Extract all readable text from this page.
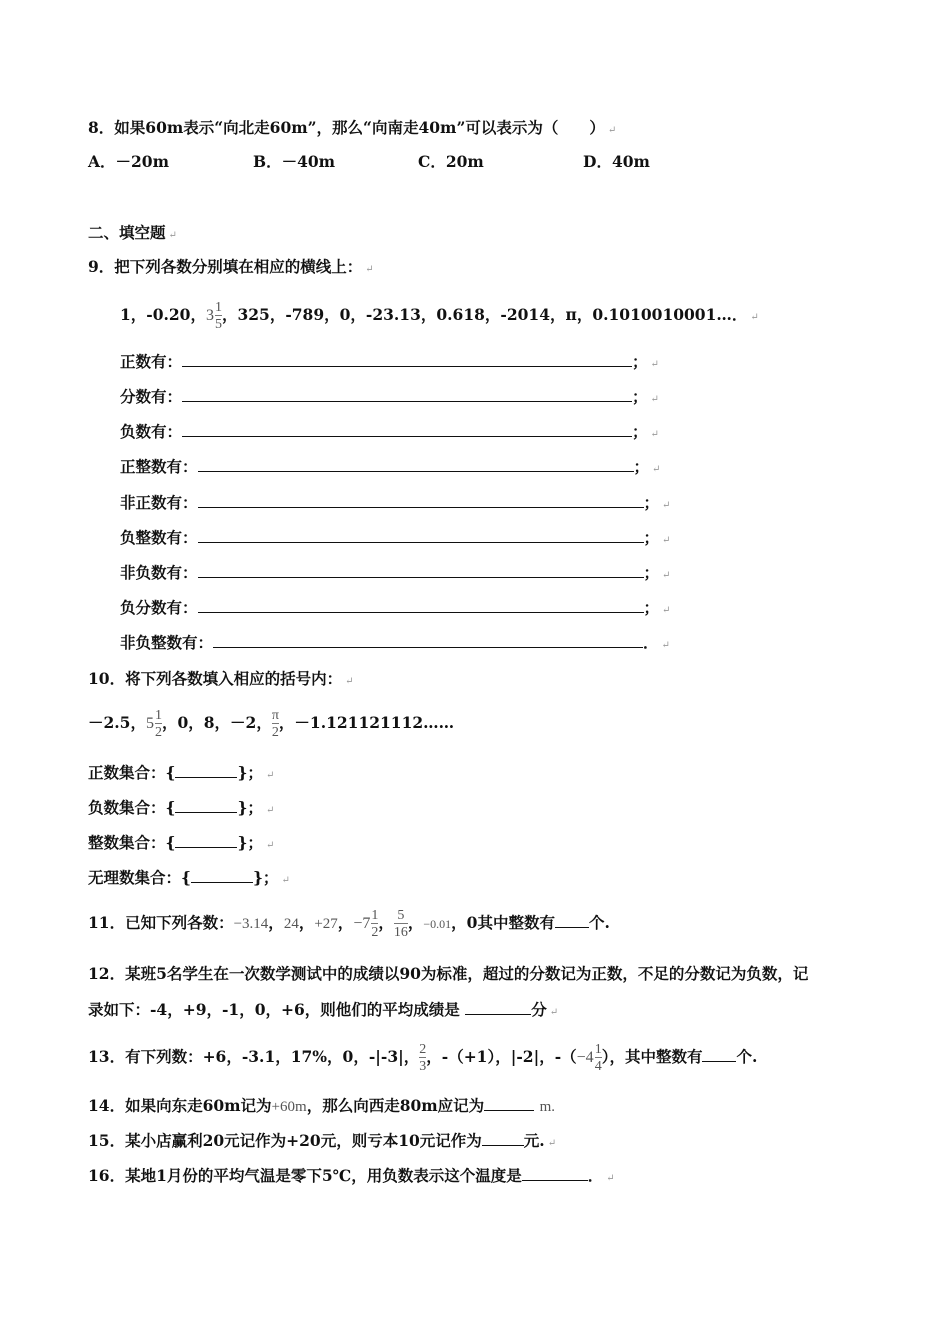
8．如果60m表示“向北走60m”，那么“向南走40m”可以表示为（　　） ↵
A．－20m	B．－40m	C．20m	D．40m
二、填空题 ↵
9．把下列各数分别填在相应的横线上： ↵
1，-0.20，$3 \frac{1}{5}$ ，325，-789，0，-23.13，0.618，-2014，π，0.1010010001…． ↵
正数有：	； ↵
分数有：	； ↵
负数有：	； ↵
正整数有：	； ↵
非正数有：	； ↵
负整数有：	； ↵
非负数有：	； ↵
负分数有：	； ↵
非负整数有：	． ↵
10．将下列各数填入相应的括号内： ↵
－2.5，$5 \frac{1}{2}$ ，0，8，－2， $\frac{\pi}{2}$ ，－1.121121112……
正数集合：{	}； ↵
负数集合：{	}； ↵
整数集合：{	}； ↵
无理数集合：{	}； ↵
11．已知下列各数：−3.14，24，+27，$-7 \frac{1}{2}$ ， $\frac{5}{16}$ ，−0.01，0其中整数有 个.
12．某班5名学生在一次数学测试中的成绩以90为标准，超过的分数记为正数，不足的分数记为负数，记
录如下：-4，+9，-1，0，+6，则他们的平均成绩是	分 ↵
13．有下列数：+6，-3.1，17%，0，-|-3|， $\frac{2}{3}$ ，-（+1），|-2|，$-(-4 \frac{1}{4}$ ），其中整数有 个.
14．如果向东走60m记为+60m，那么向西走80m应记为	m.
15．某小店赢利20元记作为+20元，则亏本10元记作为	元. ↵
16．某地1月份的平均气温是零下5℃，用负数表示这个温度是	． ↵
